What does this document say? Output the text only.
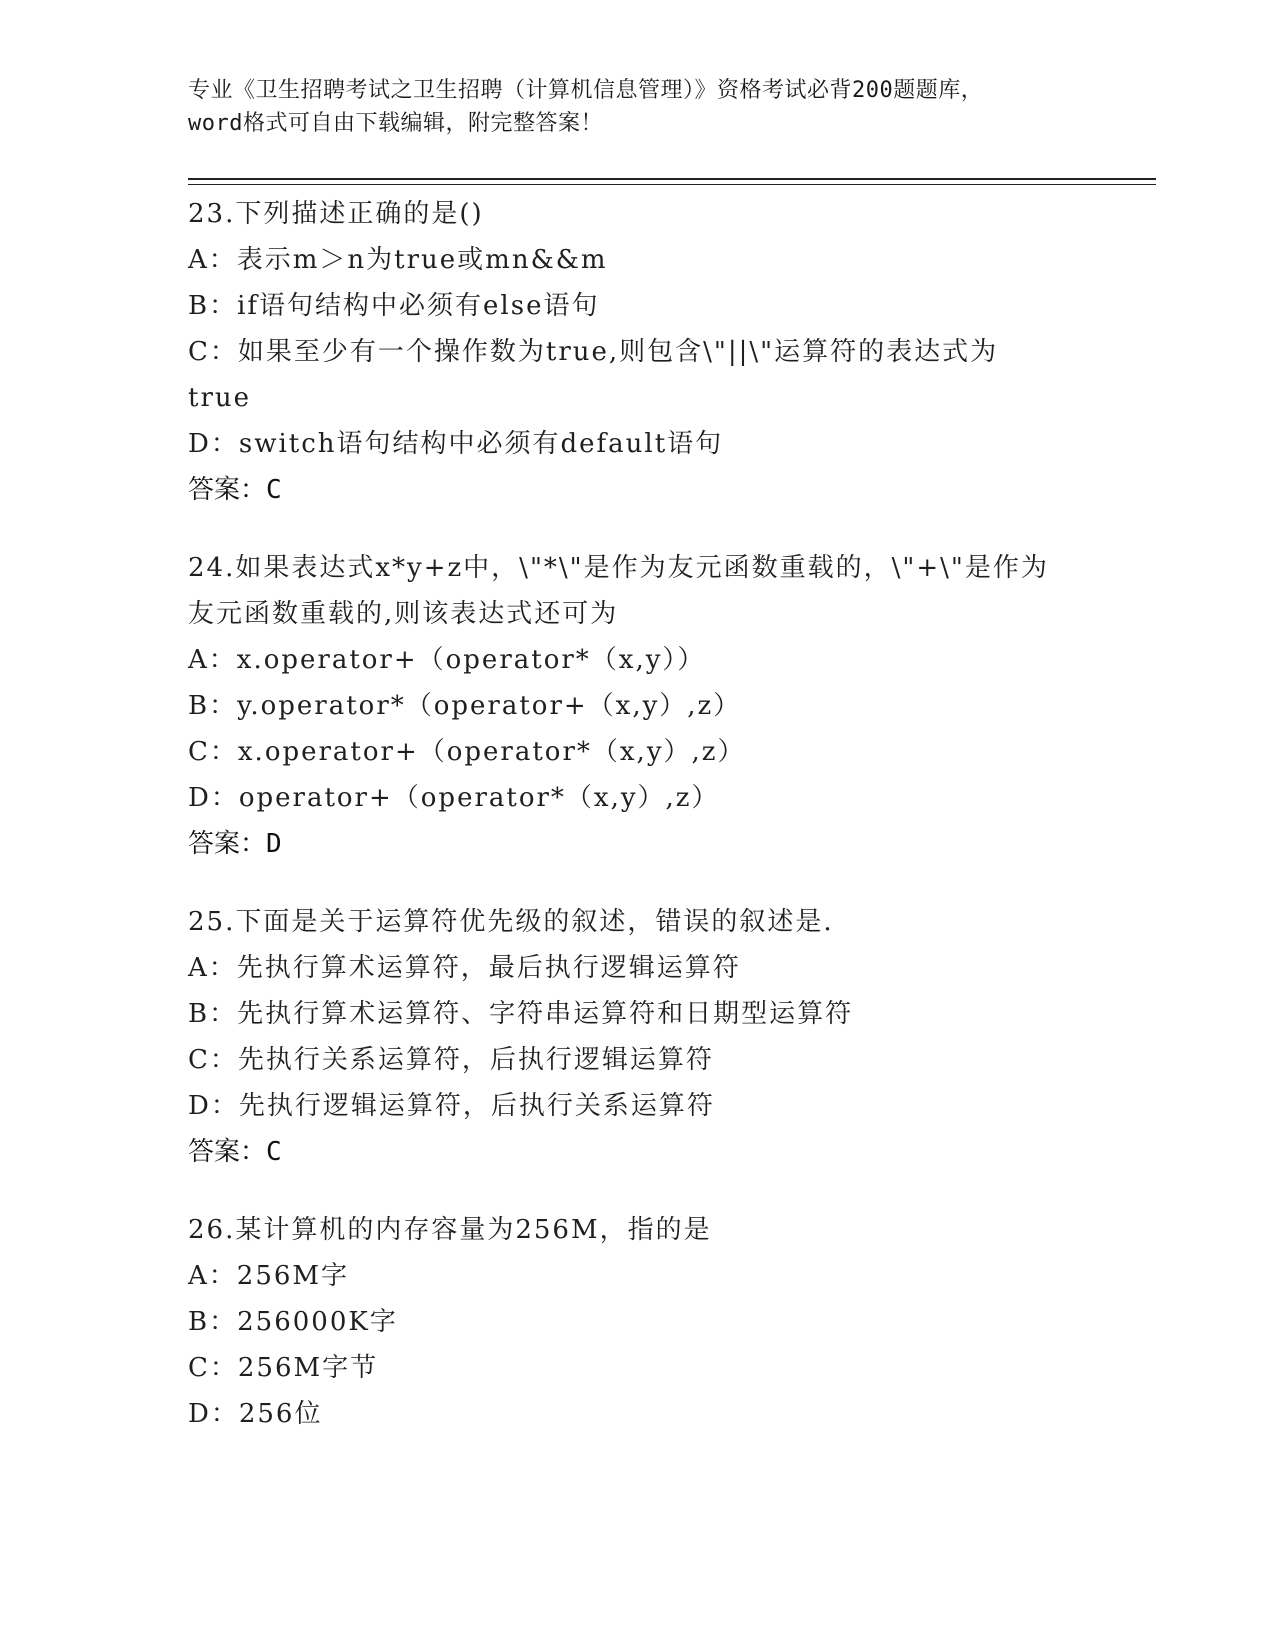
专业《卫生招聘考试之卫生招聘（计算机信息管理）》资格考试必背200题题库，
word格式可自由下载编辑，附完整答案！
23.下列描述正确的是()
A：表示m＞n为true或mn&&m
B：if语句结构中必须有else语句
C：如果至少有一个操作数为true,则包含\"||\"运算符的表达式为
true
D：switch语句结构中必须有default语句
答案：C
24.如果表达式x*y+z中，\"*\"是作为友元函数重载的，\"+\"是作为
友元函数重载的,则该表达式还可为
A：x.operator+（operator*（x,y））
B：y.operator*（operator+（x,y）,z）
C：x.operator+（operator*（x,y）,z）
D：operator+（operator*（x,y）,z）
答案：D
25.下面是关于运算符优先级的叙述，错误的叙述是.
A：先执行算术运算符，最后执行逻辑运算符
B：先执行算术运算符、字符串运算符和日期型运算符
C：先执行关系运算符，后执行逻辑运算符
D：先执行逻辑运算符，后执行关系运算符
答案：C
26.某计算机的内存容量为256M，指的是
A：256M字
B：256000K字
C：256M字节
D：256位
